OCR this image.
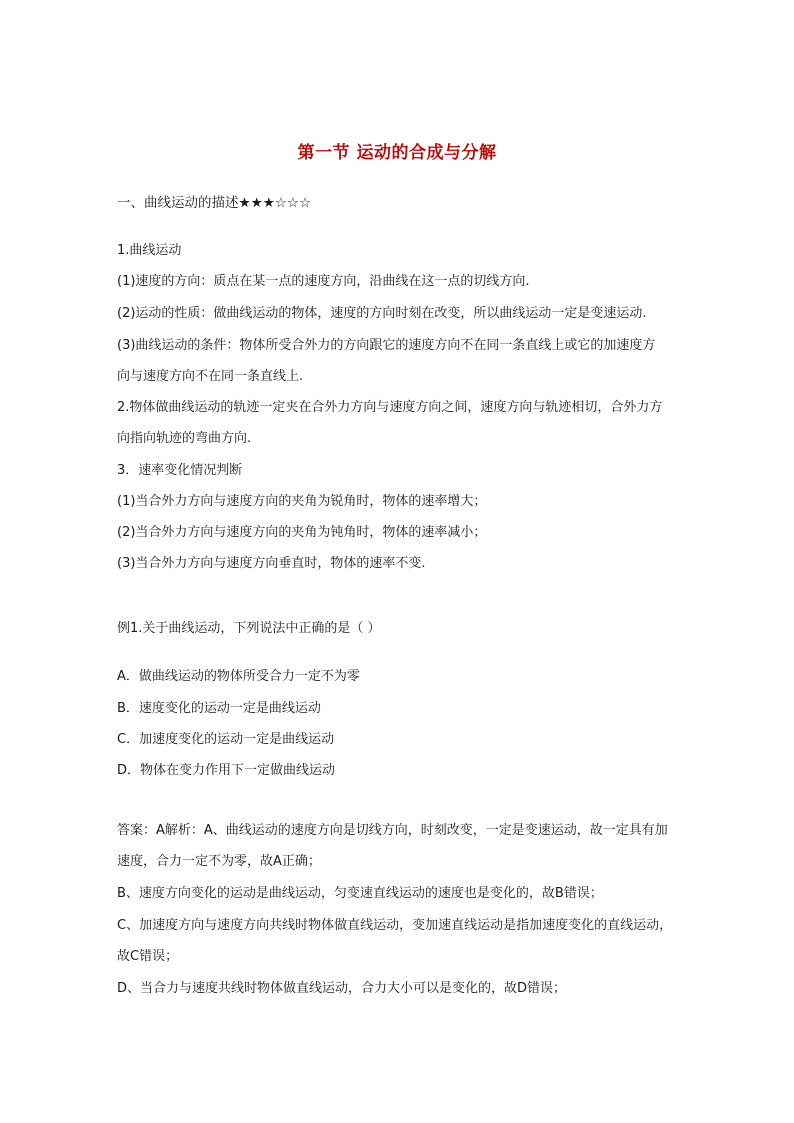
第一节 运动的合成与分解
一、曲线运动的描述★★★☆☆☆
1.曲线运动
(1)速度的方向：质点在某一点的速度方向，沿曲线在这一点的切线方向.
(2)运动的性质：做曲线运动的物体，速度的方向时刻在改变，所以曲线运动一定是变速运动.
(3)曲线运动的条件：物体所受合外力的方向跟它的速度方向不在同一条直线上或它的加速度方
向与速度方向不在同一条直线上.
2.物体做曲线运动的轨迹一定夹在合外力方向与速度方向之间，速度方向与轨迹相切，合外力方
向指向轨迹的弯曲方向.
3．速率变化情况判断
(1)当合外力方向与速度方向的夹角为锐角时，物体的速率增大；
(2)当合外力方向与速度方向的夹角为钝角时，物体的速率减小；
(3)当合外力方向与速度方向垂直时，物体的速率不变.
例1.关于曲线运动，下列说法中正确的是（ ）
A．做曲线运动的物体所受合力一定不为零
B．速度变化的运动一定是曲线运动
C．加速度变化的运动一定是曲线运动
D．物体在变力作用下一定做曲线运动
答案：A解析：A、曲线运动的速度方向是切线方向，时刻改变，一定是变速运动，故一定具有加
速度，合力一定不为零，故A正确；
B、速度方向变化的运动是曲线运动，匀变速直线运动的速度也是变化的，故B错误；
C、加速度方向与速度方向共线时物体做直线运动，变加速直线运动是指加速度变化的直线运动，
故C错误；
D、当合力与速度共线时物体做直线运动，合力大小可以是变化的，故D错误；
